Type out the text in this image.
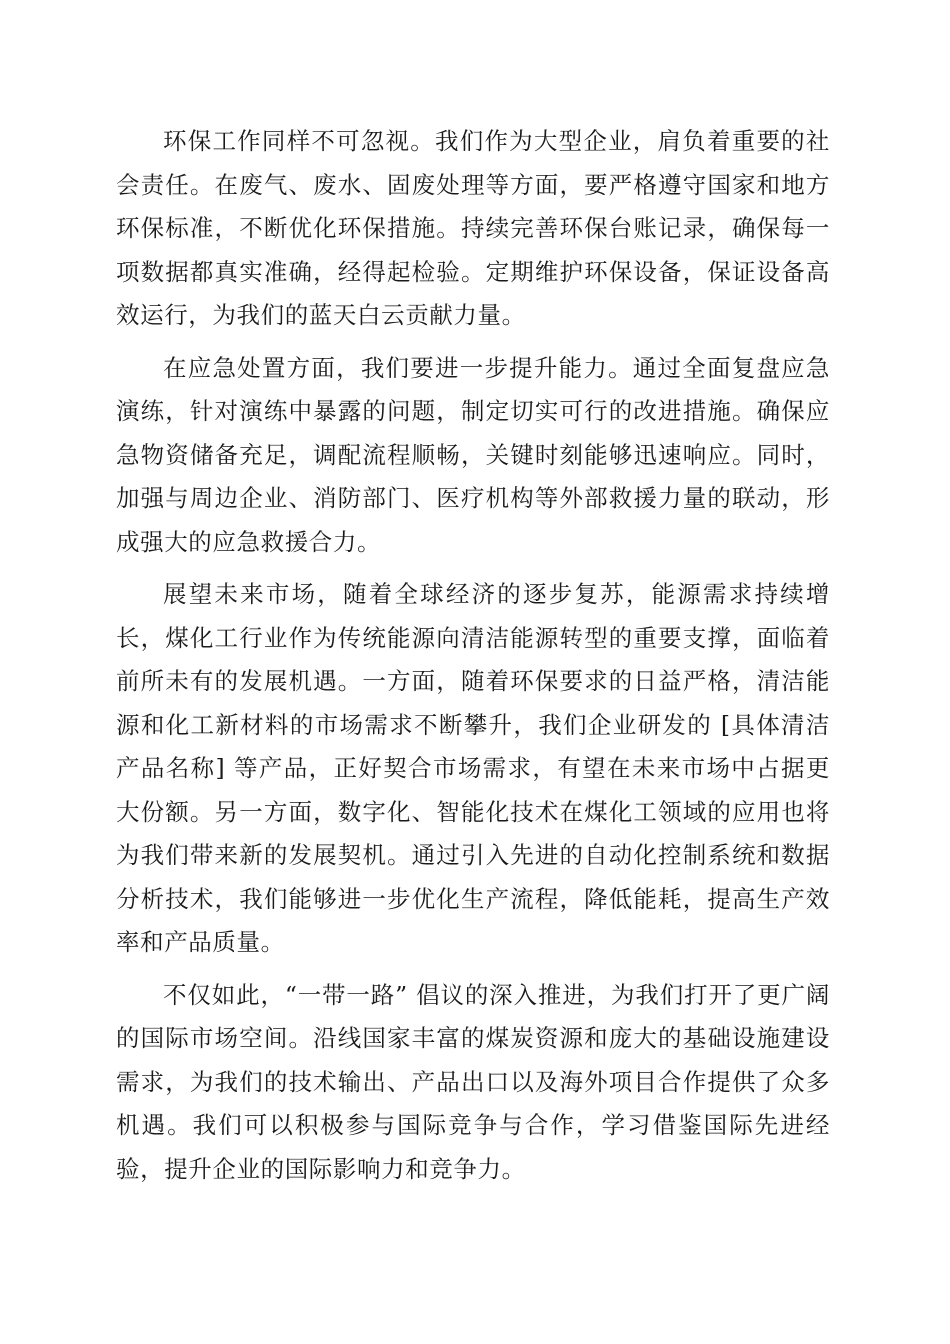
环保工作同样不可忽视。我们作为大型企业，肩负着重要的社会责任。在废气、废水、固废处理等方面，要严格遵守国家和地方环保标准，不断优化环保措施。持续完善环保台账记录，确保每一项数据都真实准确，经得起检验。定期维护环保设备，保证设备高效运行，为我们的蓝天白云贡献力量。

在应急处置方面，我们要进一步提升能力。通过全面复盘应急演练，针对演练中暴露的问题，制定切实可行的改进措施。确保应急物资储备充足，调配流程顺畅，关键时刻能够迅速响应。同时，加强与周边企业、消防部门、医疗机构等外部救援力量的联动，形成强大的应急救援合力。

展望未来市场，随着全球经济的逐步复苏，能源需求持续增长，煤化工行业作为传统能源向清洁能源转型的重要支撑，面临着前所未有的发展机遇。一方面，随着环保要求的日益严格，清洁能源和化工新材料的市场需求不断攀升，我们企业研发的 [具体清洁产品名称] 等产品，正好契合市场需求，有望在未来市场中占据更大份额。另一方面，数字化、智能化技术在煤化工领域的应用也将为我们带来新的发展契机。通过引入先进的自动化控制系统和数据分析技术，我们能够进一步优化生产流程，降低能耗，提高生产效率和产品质量。

不仅如此，“一带一路” 倡议的深入推进，为我们打开了更广阔的国际市场空间。沿线国家丰富的煤炭资源和庞大的基础设施建设需求，为我们的技术输出、产品出口以及海外项目合作提供了众多机遇。我们可以积极参与国际竞争与合作，学习借鉴国际先进经验，提升企业的国际影响力和竞争力。
